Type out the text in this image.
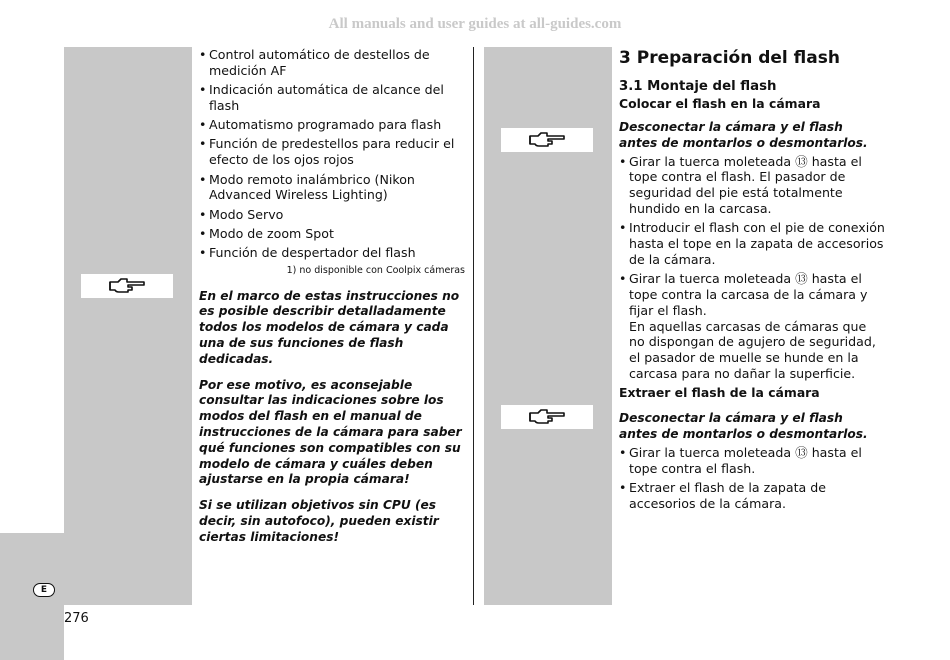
All manuals and user guides at all-guides.com
• Control automático de destellos de medición AF
• Indicación automática de alcance del flash
• Automatismo programado para flash
• Función de predestellos para reducir el efecto de los ojos rojos
• Modo remoto inalámbrico (Nikon Advanced Wireless Lighting)
• Modo Servo
• Modo de zoom Spot
• Función de despertador del flash
1) no disponible con Coolpix cámeras

En el marco de estas instrucciones no es posible describir detalladamente todos los modelos de cámara y cada una de sus funciones de flash dedicadas.

Por ese motivo, es aconsejable consultar las indicaciones sobre los modos del flash en el manual de instrucciones de la cámara para saber qué funciones son compatibles con su modelo de cámara y cuáles deben ajustarse en la propia cámara!

Si se utilizan objetivos sin CPU (es decir, sin autofoco), pueden existir ciertas limitaciones!

3 Preparación del flash
3.1 Montaje del flash
Colocar el flash en la cámara

Desconectar la cámara y el flash antes de montarlos o desmontarlos.

• Girar la tuerca moleteada ⑬ hasta el tope contra el flash. El pasador de seguridad del pie está totalmente hundido en la carcasa.
• Introducir el flash con el pie de conexión hasta el tope en la zapata de accesorios de la cámara.
• Girar la tuerca moleteada ⑬ hasta el tope contra la carcasa de la cámara y fijar el flash.
En aquellas carcasas de cámaras que no dispongan de agujero de seguridad, el pasador de muelle se hunde en la carcasa para no dañar la superficie.
Extraer el flash de la cámara

Desconectar la cámara y el flash antes de montarlos o desmontarlos.

• Girar la tuerca moleteada ⑬ hasta el tope contra el flash.
• Extraer el flash de la zapata de accesorios de la cámara.
E
276
